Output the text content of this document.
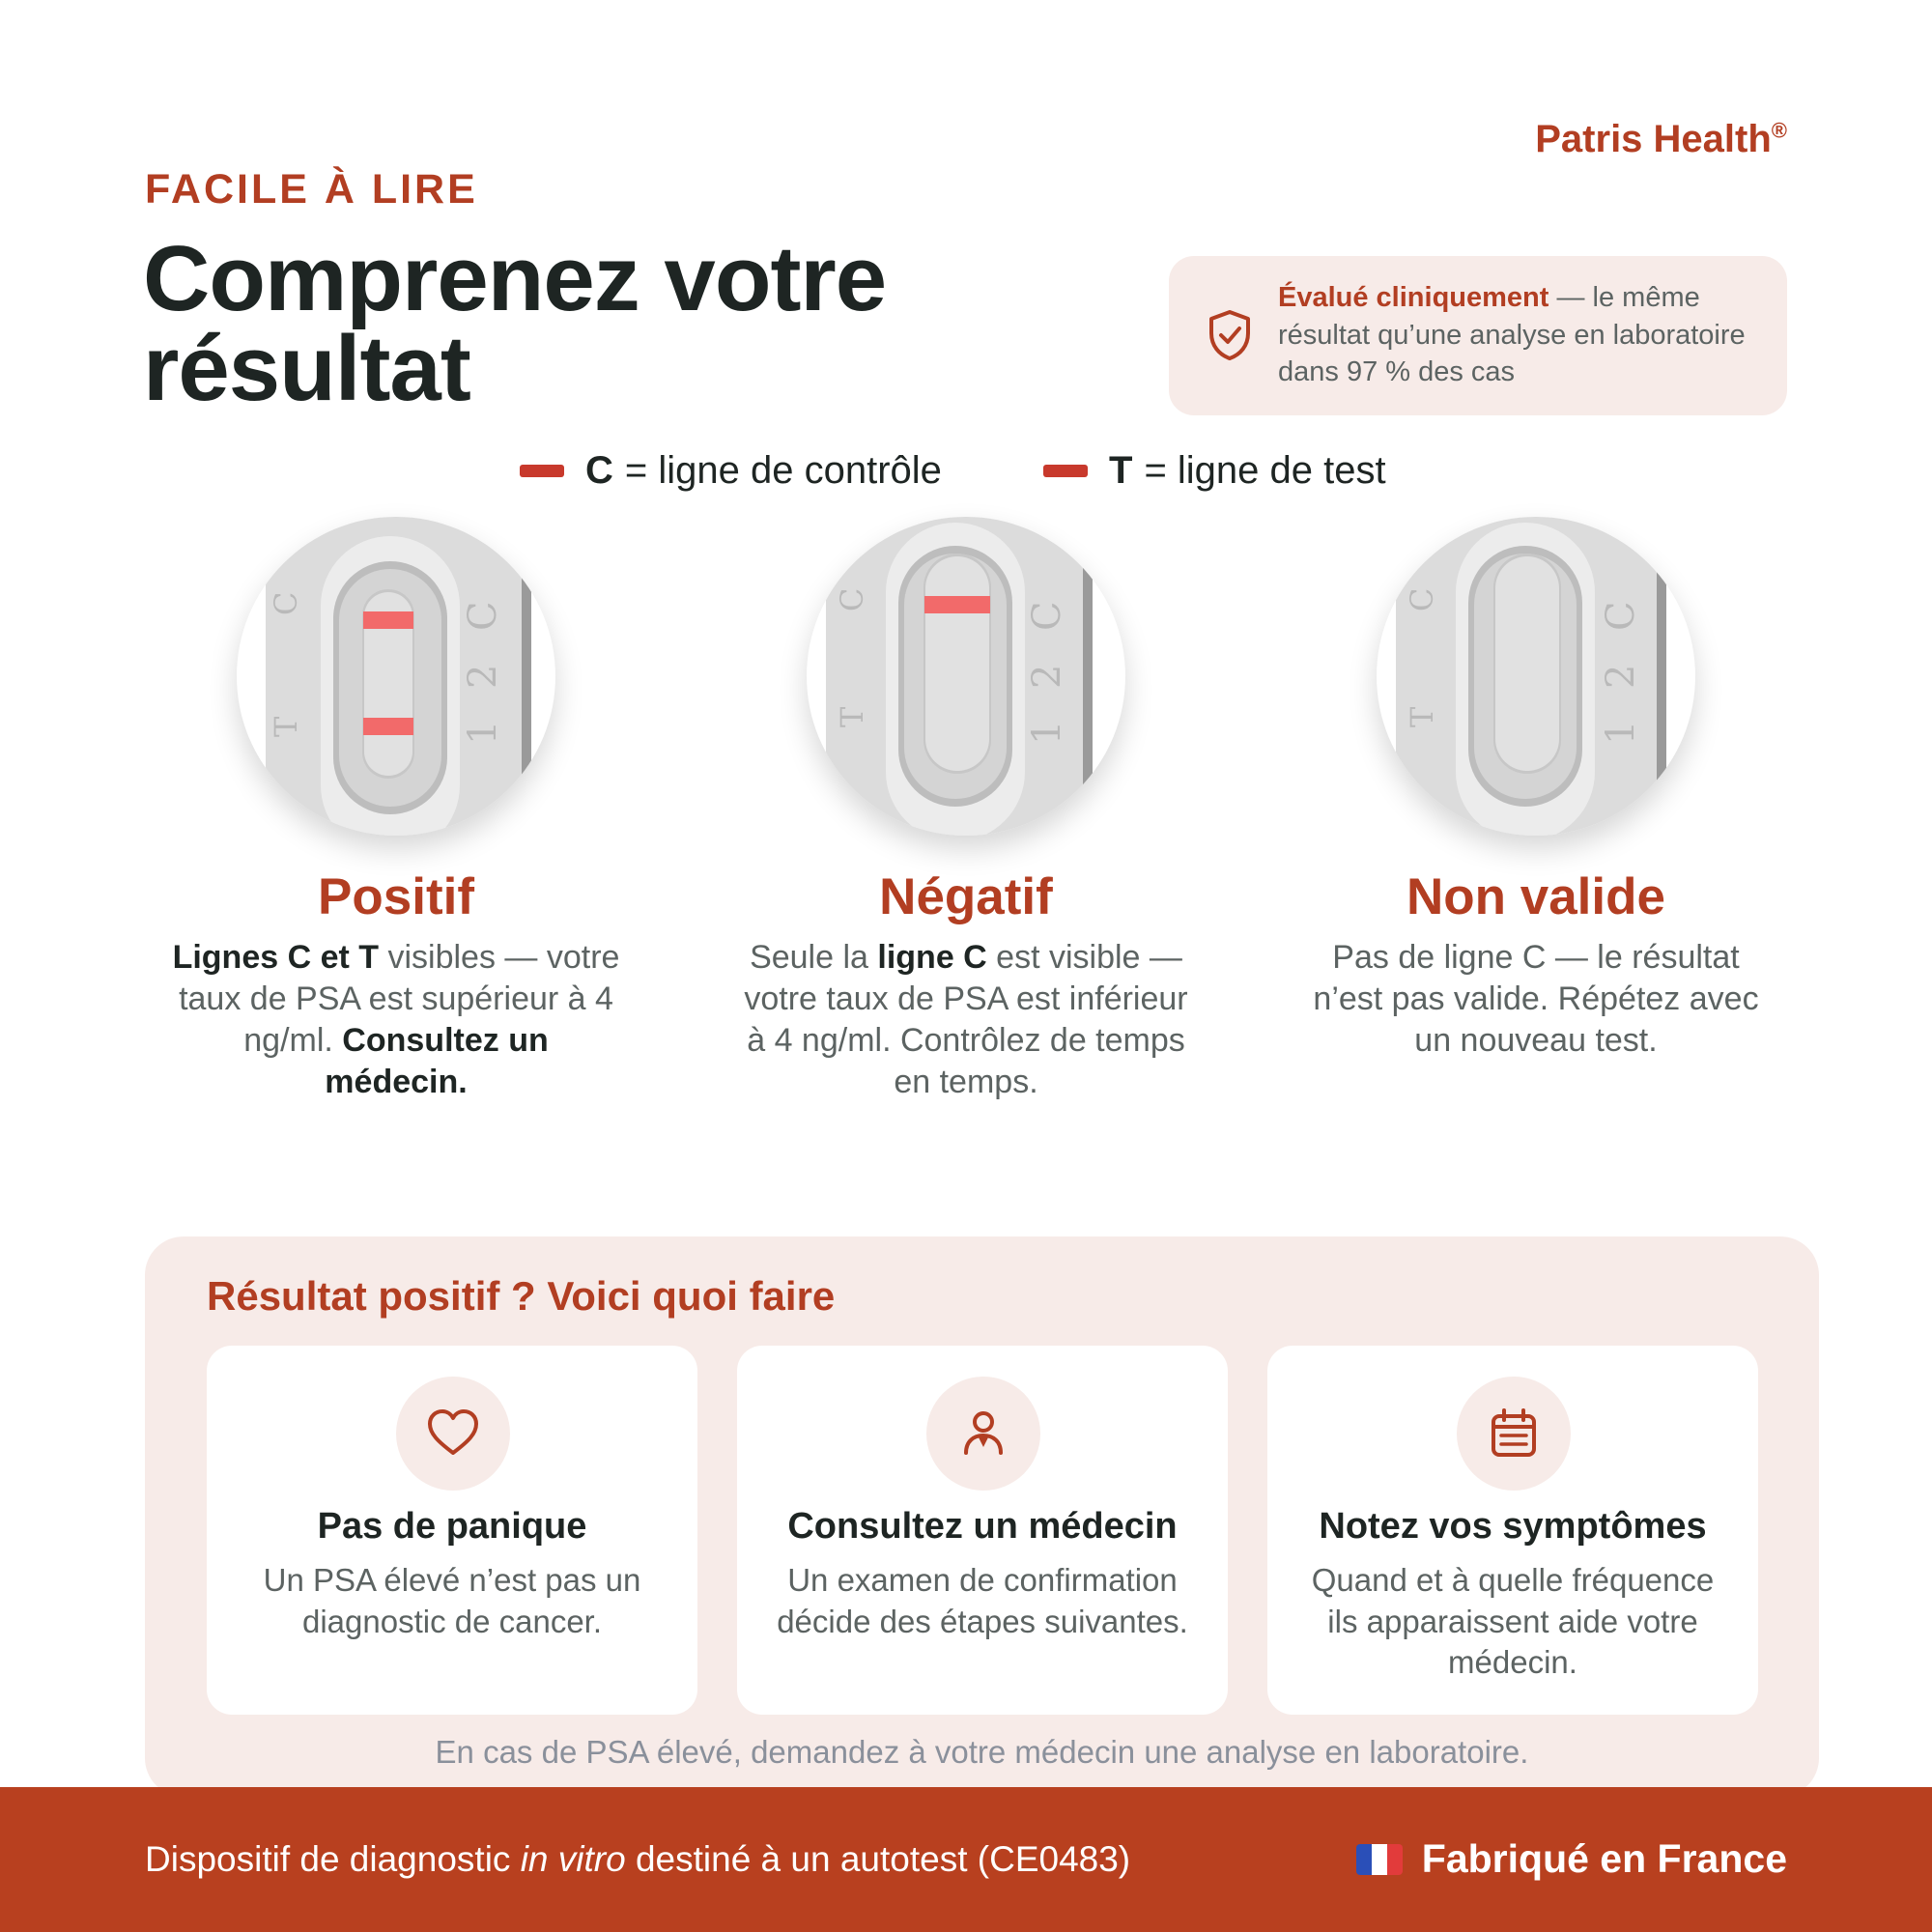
Patris Health®
FACILE À LIRE
Comprenez votre résultat
Évalué cliniquement — le même résultat qu’une analyse en laboratoire dans 97 % des cas
C = ligne de contrôle	T = ligne de test
C
T
C
2
1
C
T
C
2
1
C
T
C
2
1
Positif
Lignes C et T visibles — votre taux de PSA est supérieur à 4 ng/ml. Consultez un médecin.
Négatif
Seule la ligne C est visible — votre taux de PSA est inférieur à 4 ng/ml. Contrôlez de temps en temps.
Non valide
Pas de ligne C — le résultat n’est pas valide. Répétez avec un nouveau test.
Résultat positif ? Voici quoi faire
Pas de panique
Un PSA élevé n’est pas un diagnostic de cancer.
Consultez un médecin
Un examen de confirmation décide des étapes suivantes.
Notez vos symptômes
Quand et à quelle fréquence ils apparaissent aide votre médecin.
En cas de PSA élevé, demandez à votre médecin une analyse en laboratoire.
Dispositif de diagnostic in vitro destiné à un autotest (CE0483)	Fabriqué en France
